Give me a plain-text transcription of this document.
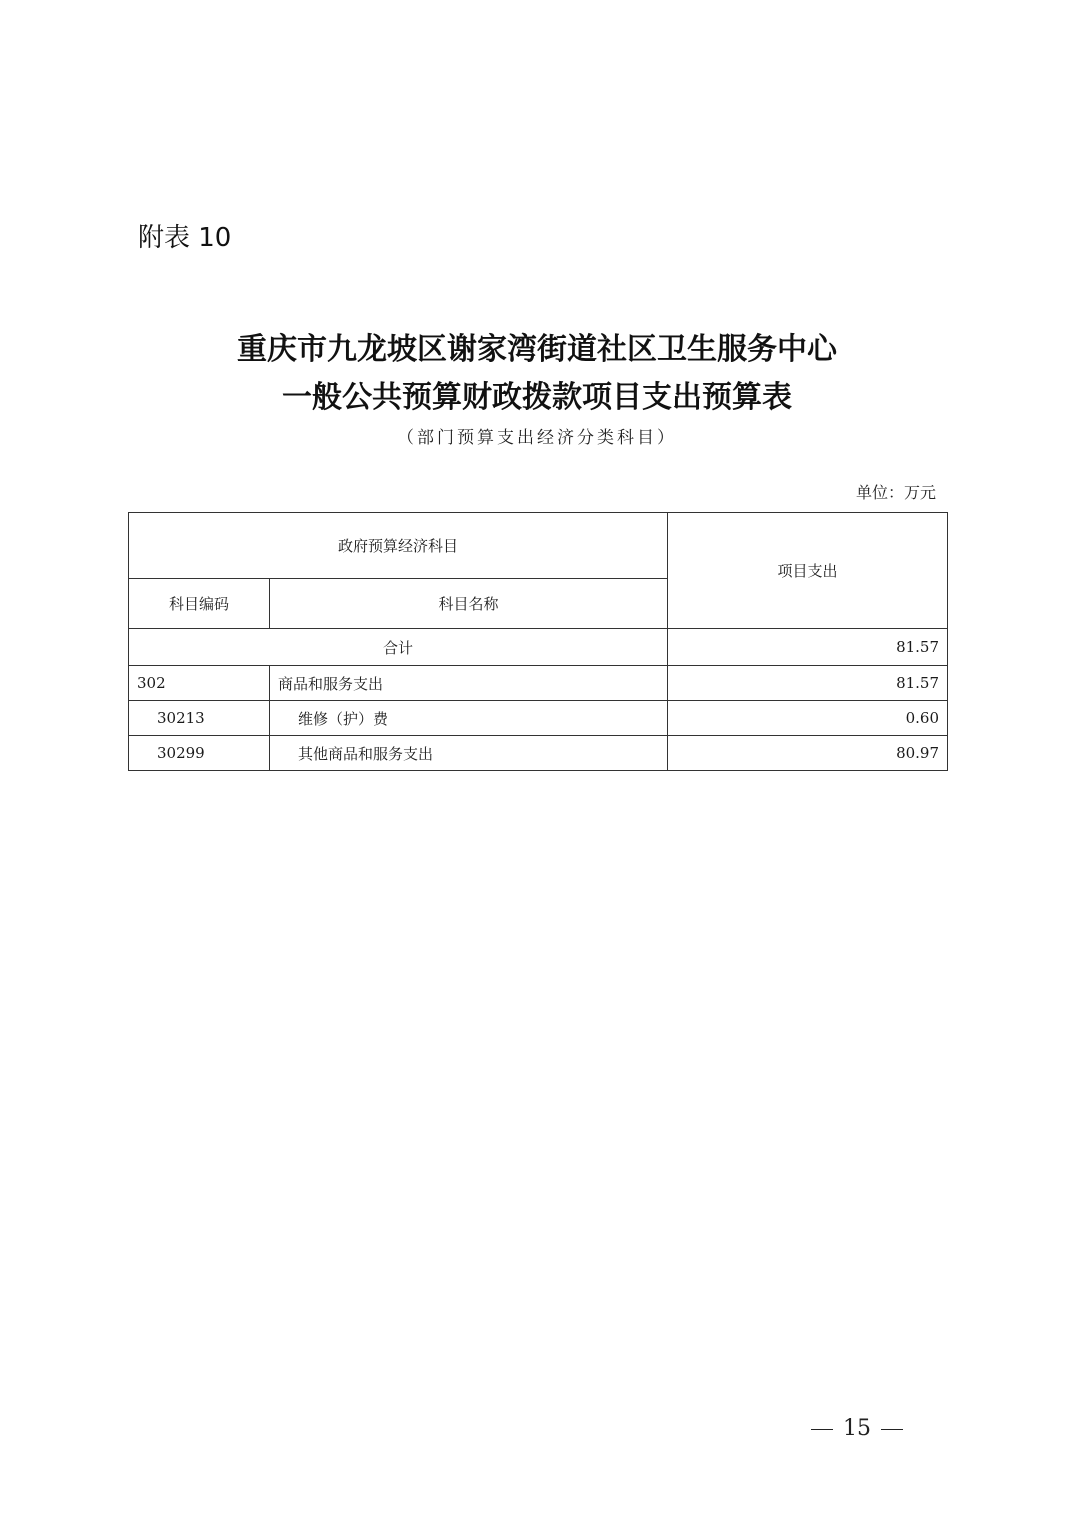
附表 10
重庆市九龙坡区谢家湾街道社区卫生服务中心
一般公共预算财政拨款项目支出预算表
（部门预算支出经济分类科目）
单位：万元
政府预算经济科目		项目支出
科目编码	科目名称	
合计		81.57
302	商品和服务支出	81.57
30213	维修（护）费	0.60
30299	其他商品和服务支出	80.97
15
